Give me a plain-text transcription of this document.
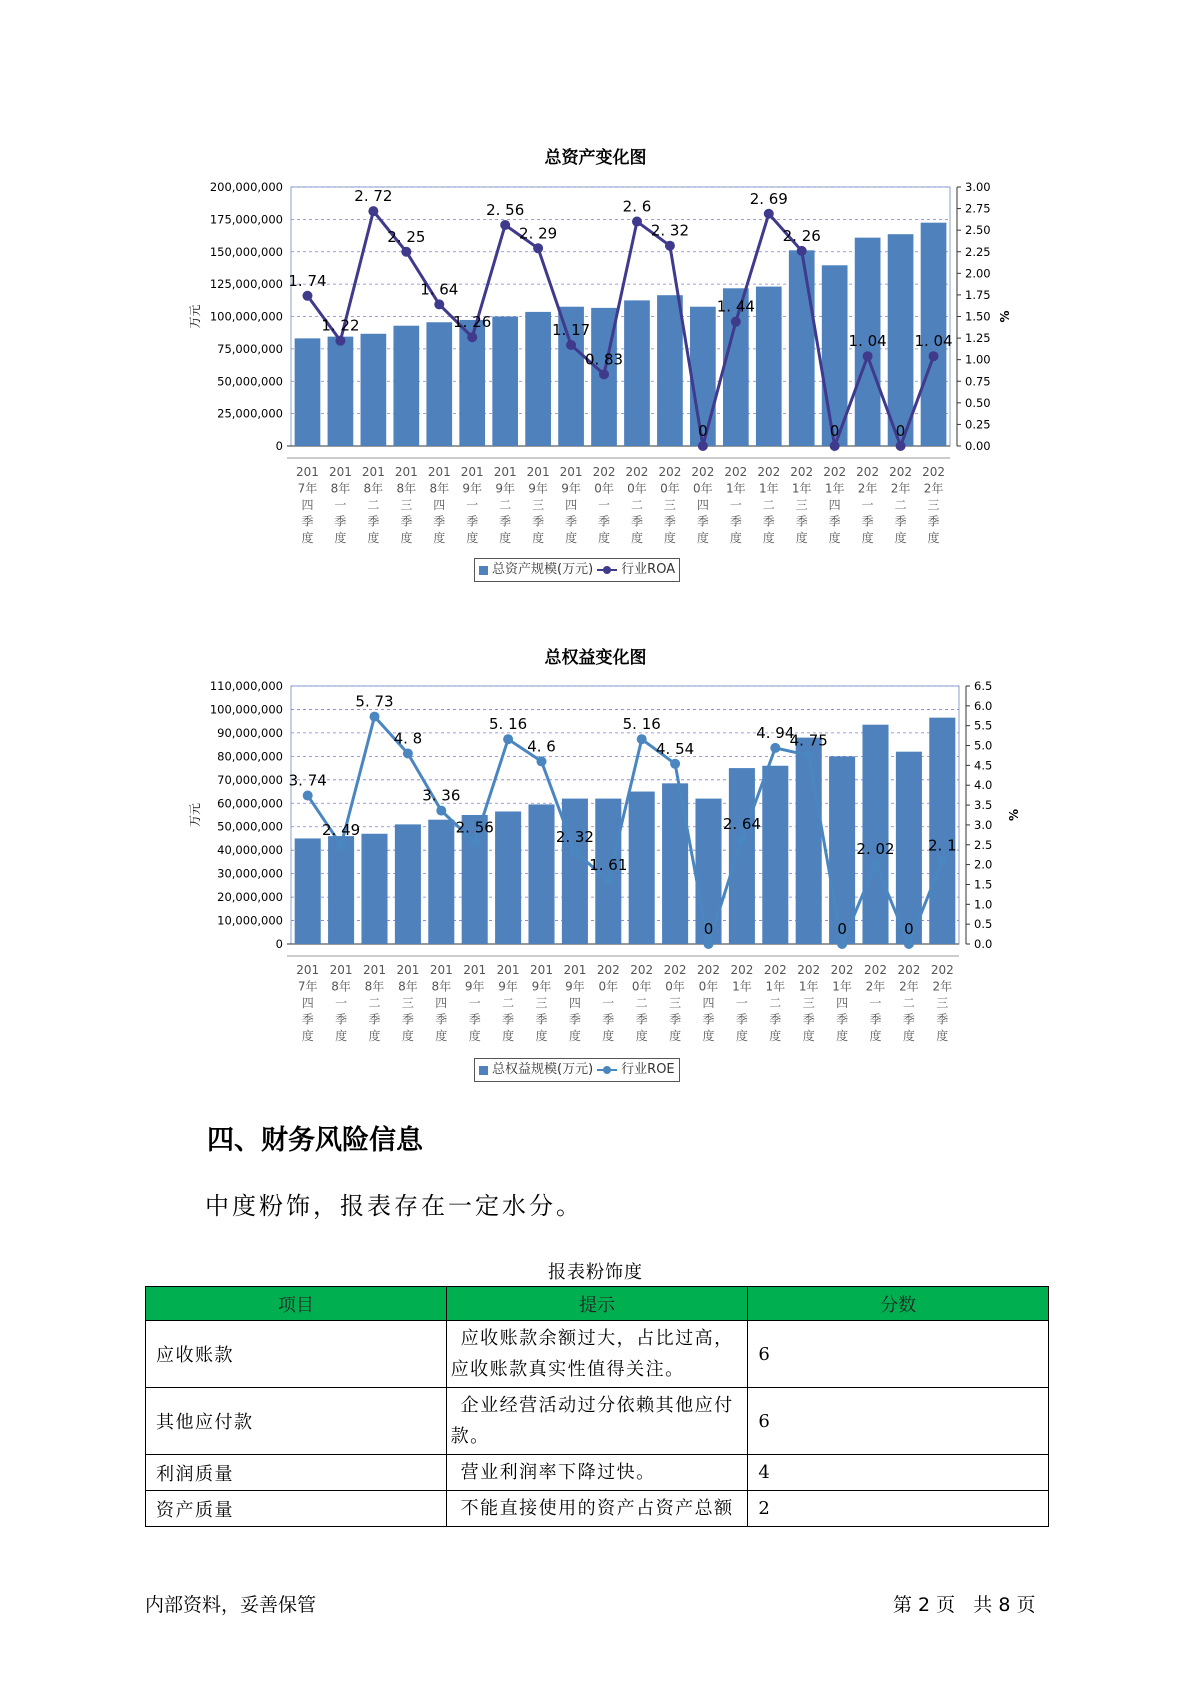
总资产变化图
0
25,000,000
50,000,000
75,000,000
100,000,000
125,000,000
150,000,000
175,000,000
200,000,000
0.00
0.25
0.50
0.75
1.00
1.25
1.50
1.75
2.00
2.25
2.50
2.75
3.00
万元	%
201 7年四季度
201 8年一季度
201 8年二季度
201 8年三季度
201 8年四季度
201 9年一季度
201 9年二季度
201 9年三季度
201 9年四季度
202 0年一季度
202 0年二季度
202 0年三季度
202 0年四季度
202 1年一季度
202 1年二季度
202 1年三季度
202 1年四季度
202 2年一季度
202 2年二季度
202 2年三季度
1. 74
1. 22
2. 72
2. 25
1. 64
1. 26
2. 56
2. 29
1. 17
0. 83
2. 6
2. 32
0
1. 44
2. 69
2. 26
0
1. 04
0
1. 04
总资产规模(万元) 行业ROA
总权益变化图
0
10,000,000
20,000,000
30,000,000
40,000,000
50,000,000
60,000,000
70,000,000
80,000,000
90,000,000
100,000,000
110,000,000
0.0
0.5
1.0
1.5
2.0
2.5
3.0
3.5
4.0
4.5
5.0
5.5
6.0
6.5
万元	%
201 7年四季度
201 8年一季度
201 8年二季度
201 8年三季度
201 8年四季度
201 9年一季度
201 9年二季度
201 9年三季度
201 9年四季度
202 0年一季度
202 0年二季度
202 0年三季度
202 0年四季度
202 1年一季度
202 1年二季度
202 1年三季度
202 1年四季度
202 2年一季度
202 2年二季度
202 2年三季度
3. 74
2. 49
5. 73
4. 8
3. 36
2. 56
5. 16
4. 6
2. 32
1. 61
5. 16
4. 54
0
2. 64
4. 94
4. 75
0
2. 02
0
2. 1
总权益规模(万元) 行业ROE
四、财务风险信息
中度粉饰，报表存在一定水分。
报表粉饰度
项目	提示	分数
应收账款	应收账款余额过大，占比过高，
应收账款真实性值得关注。	6
其他应付款	企业经营活动过分依赖其他应付
款。	6
利润质量	营业利润率下降过快。	4
资产质量	不能直接使用的资产占资产总额	2
内部资料，妥善保管	第 2 页   共 8 页
